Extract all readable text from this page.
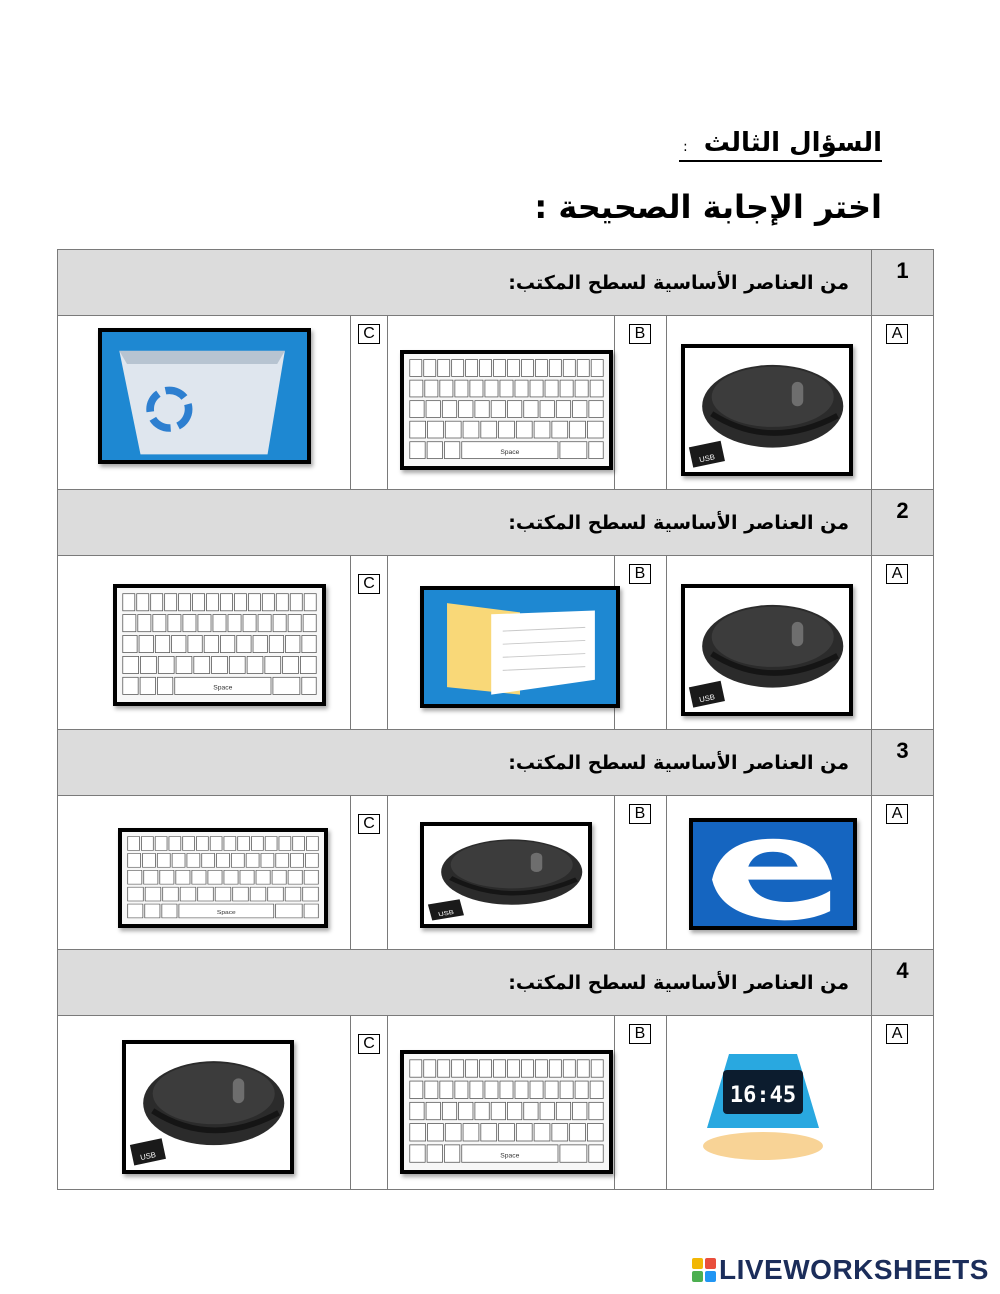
السؤال الثالث
:
اختر الإجابة الصحيحة :
من العناصر الأساسية لسطح المكتب:					1

C	Space	B	USB	A

من العناصر الأساسية لسطح المكتب:					2

Space	C		B	USB	A

من العناصر الأساسية لسطح المكتب:					3

Space	C	USB	B		A

من العناصر الأساسية لسطح المكتب:					4

USB	C	Space	B	16:45	A
LIVEWORKSHEETS
